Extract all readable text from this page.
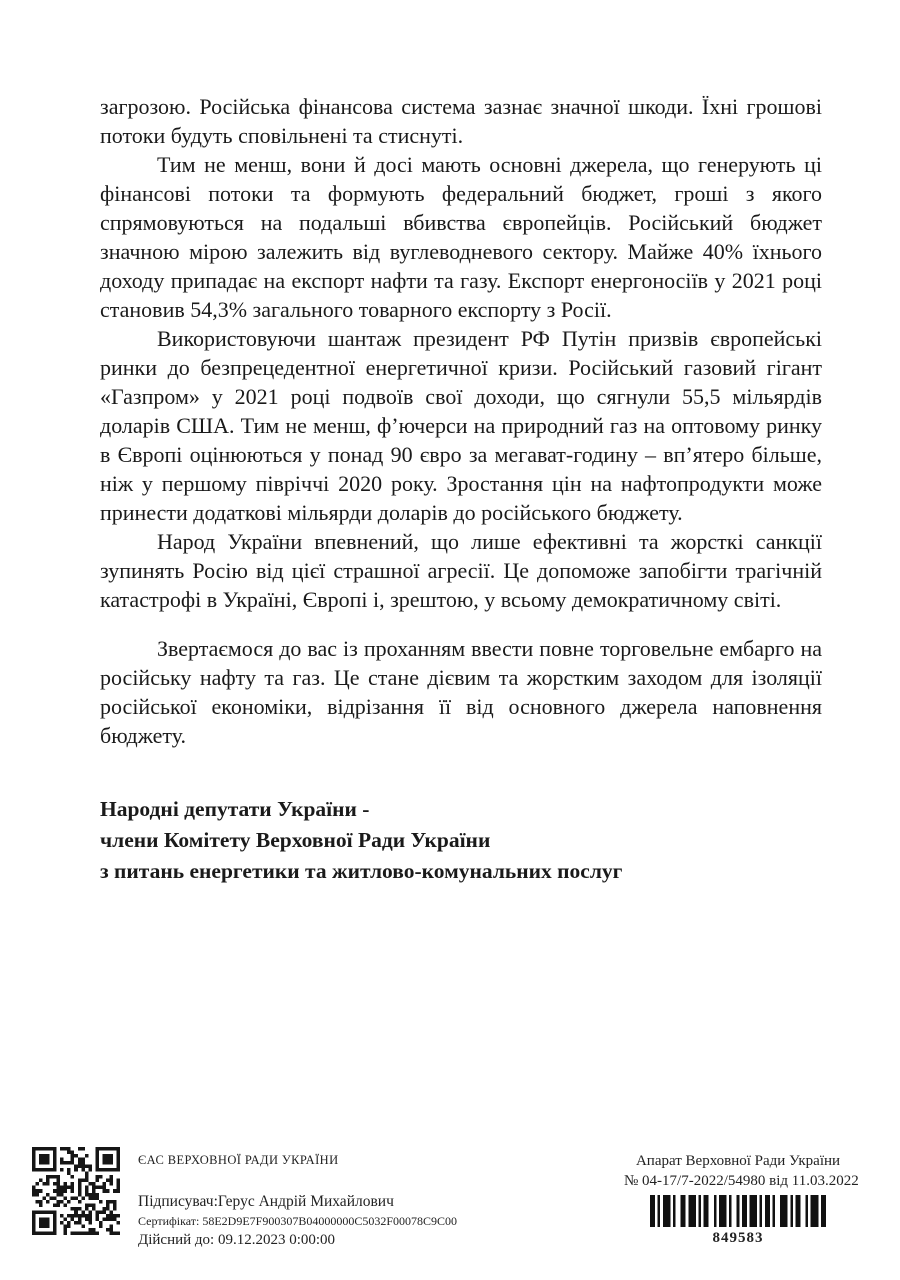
загрозою. Російська фінансова система зазнає значної шкоди. Їхні грошові потоки будуть сповільнені та стиснуті.

Тим не менш, вони й досі мають основні джерела, що генерують ці фінансові потоки та формують федеральний бюджет, гроші з якого спрямовуються на подальші вбивства європейців. Російський бюджет значною мірою залежить від вуглеводневого сектору. Майже 40% їхнього доходу припадає на експорт нафти та газу. Експорт енергоносіїв у 2021 році становив 54,3% загального товарного експорту з Росії.

Використовуючи шантаж президент РФ Путін призвів європейські ринки до безпрецедентної енергетичної кризи. Російський газовий гігант «Газпром» у 2021 році подвоїв свої доходи, що сягнули 55,5 мільярдів доларів США. Тим не менш, ф’ючерси на природний газ на оптовому ринку в Європі оцінюються у понад 90 євро за мегават-годину – вп’ятеро більше, ніж у першому півріччі 2020 року. Зростання цін на нафтопродукти може принести додаткові мільярди доларів до російського бюджету.

Народ України впевнений, що лише ефективні та жорсткі санкції зупинять Росію від цієї страшної агресії. Це допоможе запобігти трагічній катастрофі в Україні, Європі і, зрештою, у всьому демократичному світі.

Звертаємося до вас із проханням ввести повне торговельне ембарго на російську нафту та газ. Це стане дієвим та жорстким заходом для ізоляції російської економіки, відрізання її від основного джерела наповнення бюджету.

Народні депутати України -
члени Комітету Верховної Ради України
з питань енергетики та житлово-комунальних послуг
ЄАС ВЕРХОВНОЇ РАДИ УКРАЇНИ
Підписувач:Герус Андрій Михайлович
Сертифікат: 58E2D9E7F900307B04000000C5032F00078C9C00
Дійсний до: 09.12.2023 0:00:00
Апарат Верховної Ради України
№ 04-17/7-2022/54980 від 11.03.2022
849583
